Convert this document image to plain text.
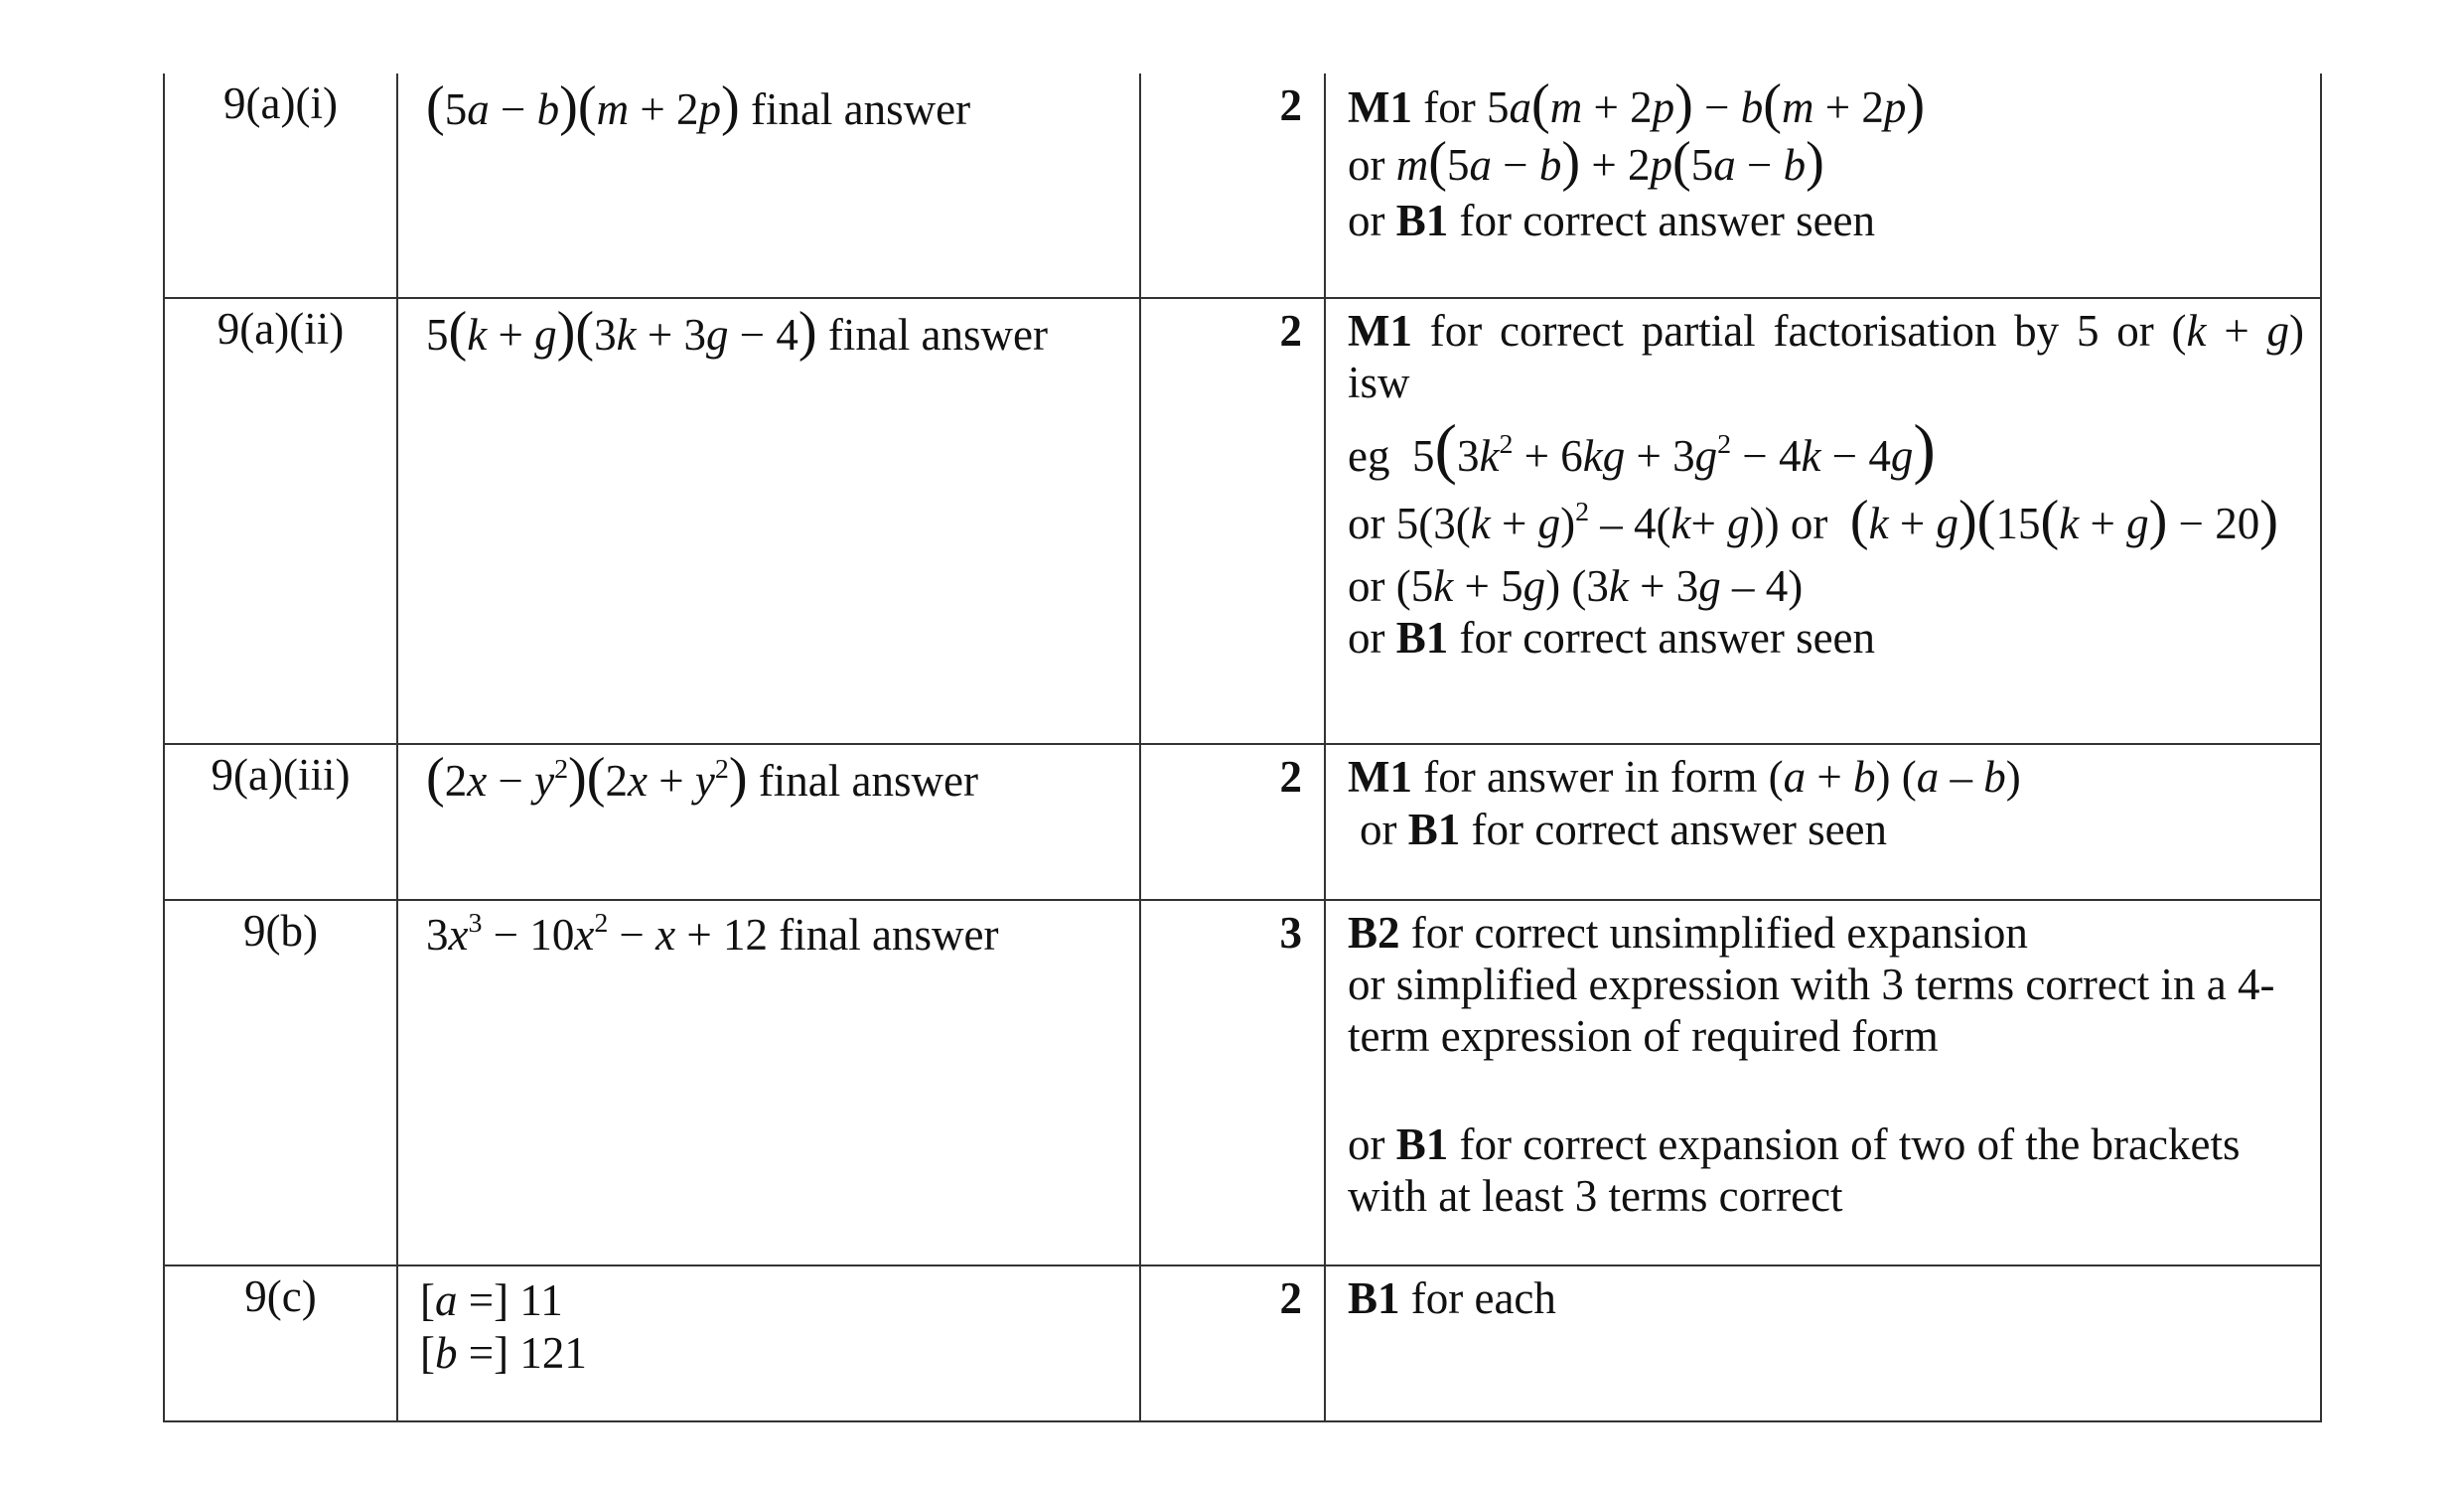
9(a)(i)	(5a − b)(m + 2p) final answer	2	M1 for 5a(m + 2p) − b(m + 2p)
or m(5a − b) + 2p(5a − b)
or B1 for correct answer seen

9(a)(ii)	5(k + g)(3k + 3g − 4) final answer	2	M1 for correct partial factorisation by 5 or (k + g) isw
eg  $5(3k^2 + 6kg + 3g^2 - 4k - 4g)$
or $5(3(k + g)^2 - 4(k+ g))$ or  (k + g)(15(k + g) − 20)
or (5k + 5g) (3k + 3g – 4)
or B1 for correct answer seen

9(a)(iii)	$(2x - y^2)(2x + y^2)$ final answer	2	M1 for answer in form (a + b) (a – b)
or B1 for correct answer seen

9(b)	$3x^3 - 10x^2 - x + 12$ final answer	3	B2 for correct unsimplified expansion
or simplified expression with 3 terms correct in a 4-term expression of required form
or B1 for correct expansion of two of the brackets with at least 3 terms correct

9(c)	[a =] 11
[b =] 121	2	B1 for each
